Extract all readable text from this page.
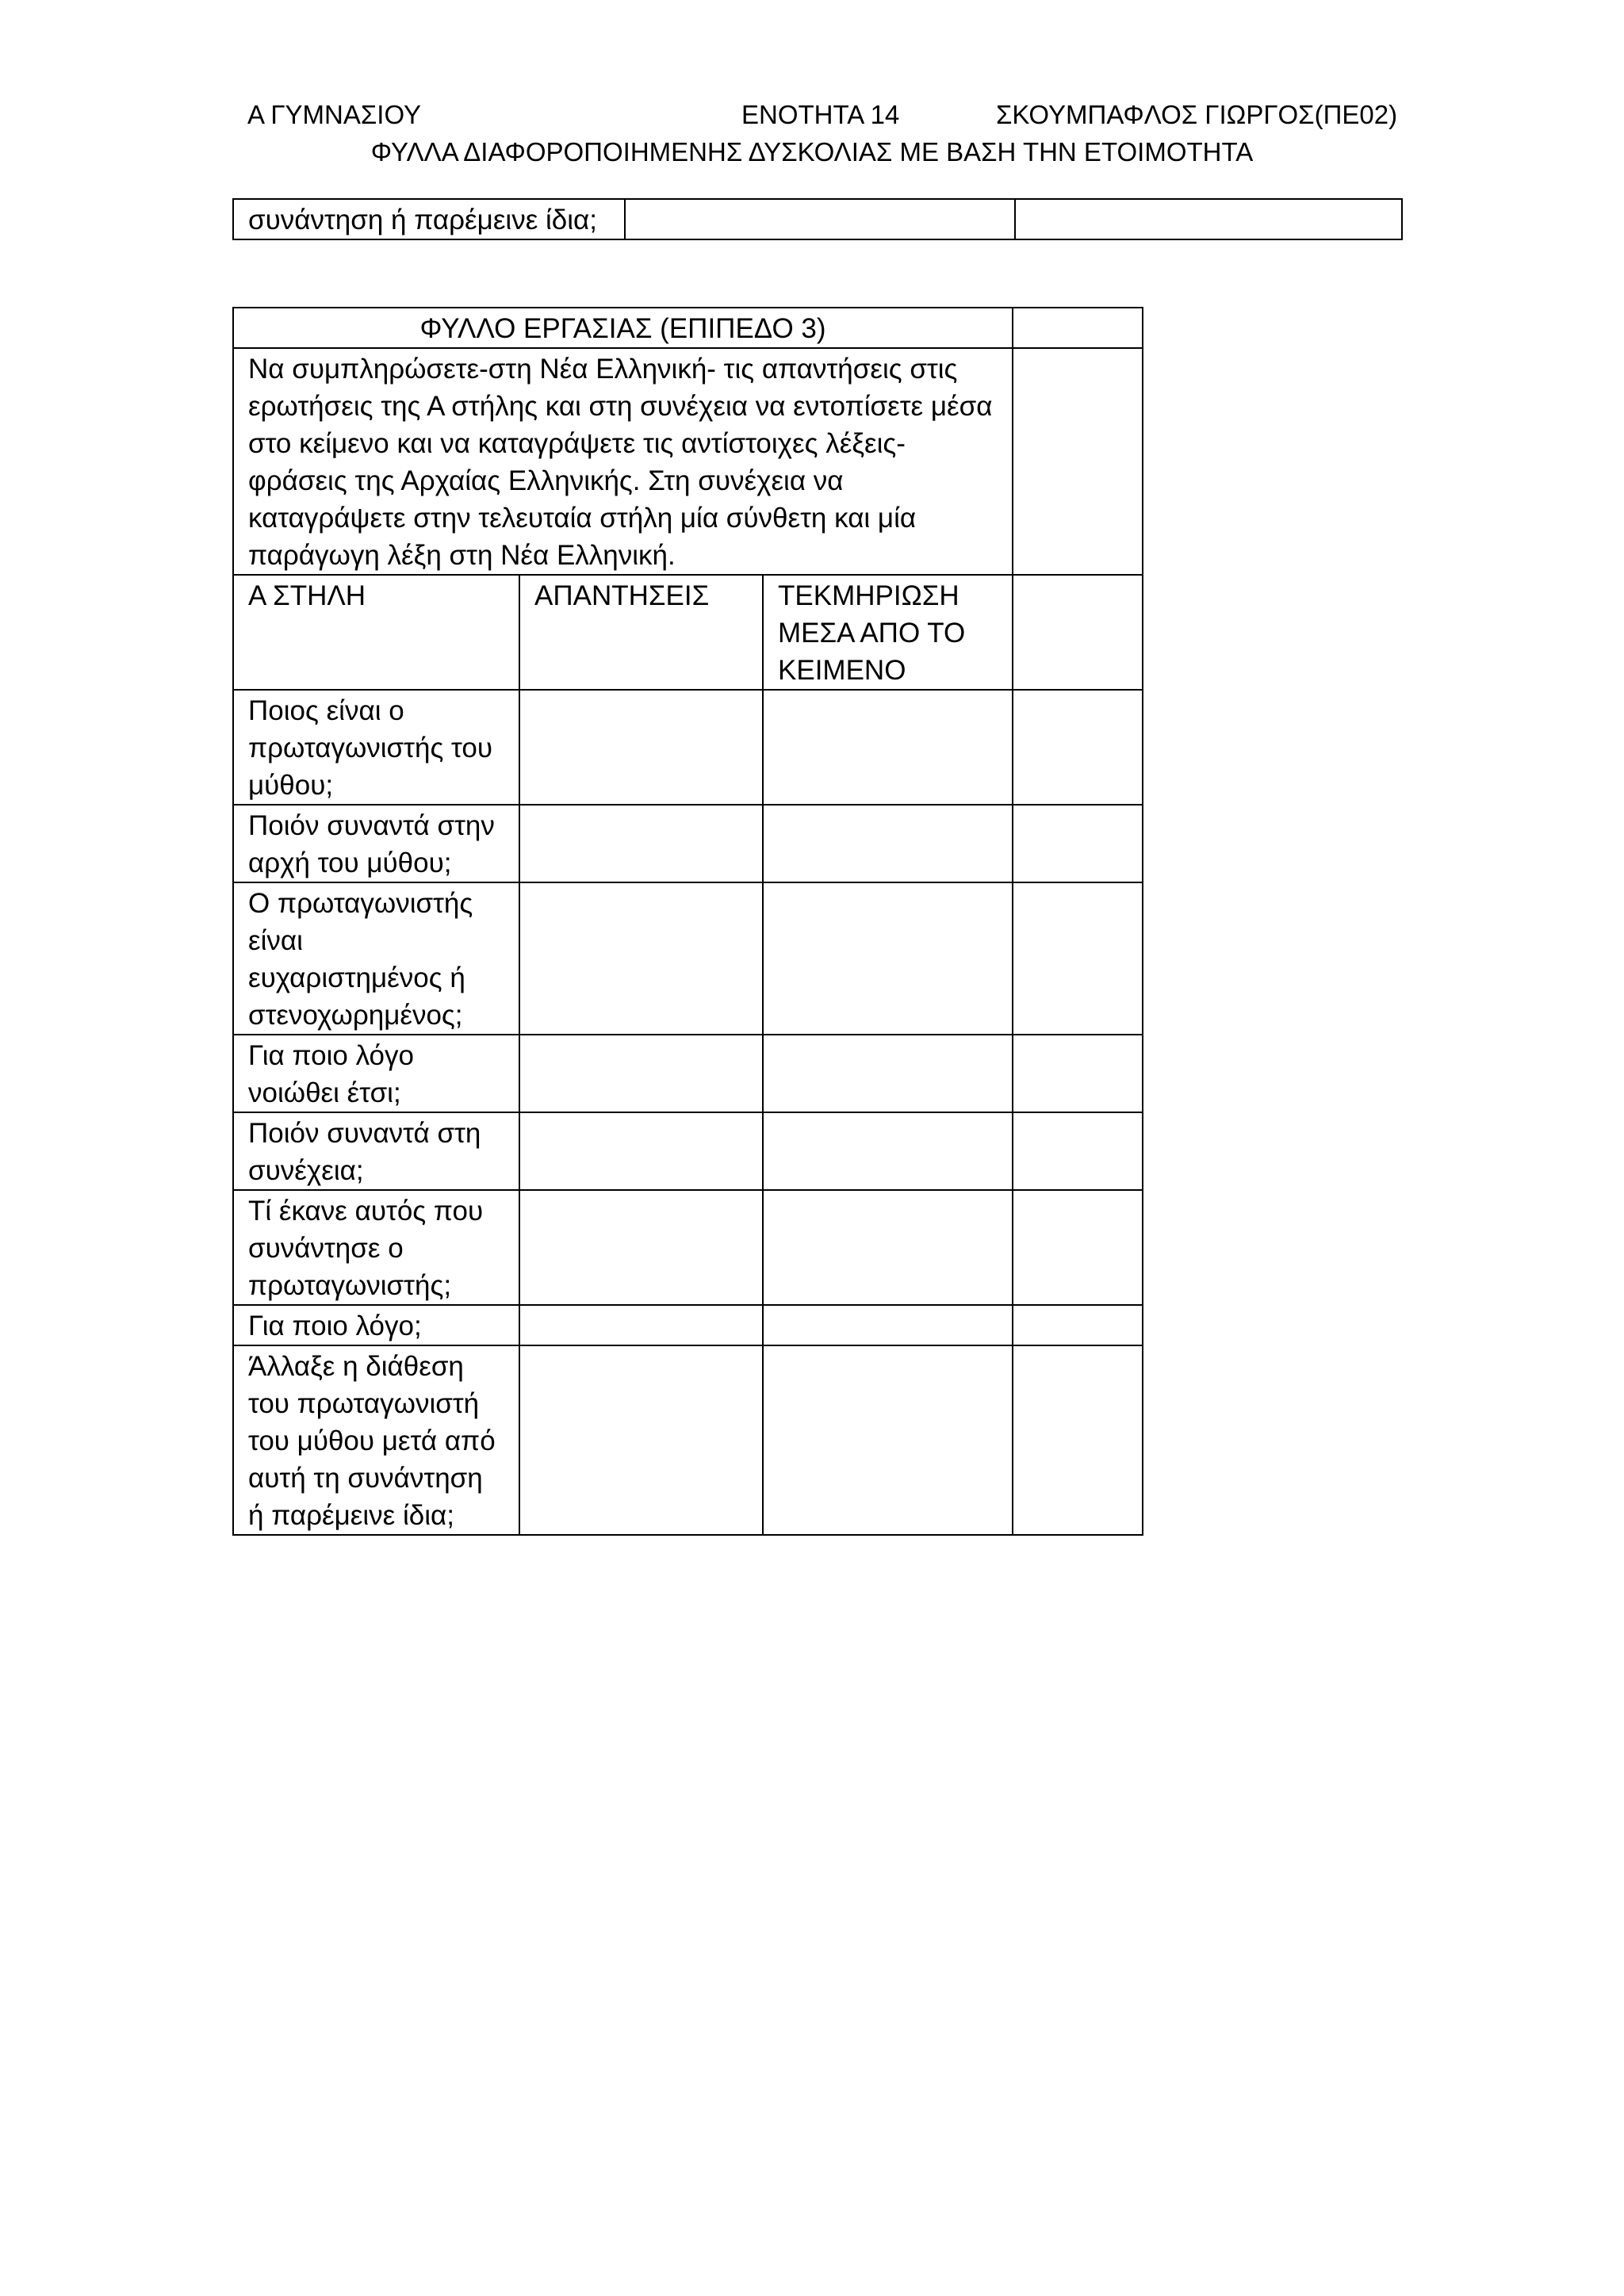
Α ΓΥΜΝΑΣΙΟΥ	ΕΝΟΤΗΤΑ 14	ΣΚΟΥΜΠΑΦΛΟΣ ΓΙΩΡΓΟΣ(ΠΕ02)
ΦΥΛΛΑ ΔΙΑΦΟΡΟΠΟΙΗΜΕΝΗΣ ΔΥΣΚΟΛΙΑΣ ΜΕ ΒΑΣΗ ΤΗΝ ΕΤΟΙΜΟΤΗΤΑ
συνάντηση ή παρέμεινε ίδια;		
ΦΥΛΛΟ ΕΡΓΑΣΙΑΣ (ΕΠΙΠΕΔΟ 3)			
Να συμπληρώσετε-στη Νέα Ελληνική- τις απαντήσεις στις ερωτήσεις της Α στήλης και στη συνέχεια να εντοπίσετε μέσα στο κείμενο και να καταγράψετε τις αντίστοιχες λέξεις-φράσεις της Αρχαίας Ελληνικής. Στη συνέχεια να καταγράψετε στην τελευταία στήλη μία σύνθετη και μία παράγωγη λέξη στη Νέα Ελληνική.			
Α ΣΤΗΛΗ	ΑΠΑΝΤΗΣΕΙΣ	ΤΕΚΜΗΡΙΩΣΗ ΜΕΣΑ ΑΠΟ ΤΟ ΚΕΙΜΕΝΟ	
Ποιος είναι ο πρωταγωνιστής του μύθου;			
Ποιόν συναντά στην αρχή του μύθου;			
Ο πρωταγωνιστής είναι ευχαριστημένος ή στενοχωρημένος;			
Για ποιο λόγο νοιώθει έτσι;			
Ποιόν συναντά στη συνέχεια;			
Τί έκανε αυτός που συνάντησε ο πρωταγωνιστής;			
Για ποιο λόγο;			
Άλλαξε η διάθεση του πρωταγωνιστή του μύθου μετά από αυτή τη συνάντηση ή παρέμεινε ίδια;			
